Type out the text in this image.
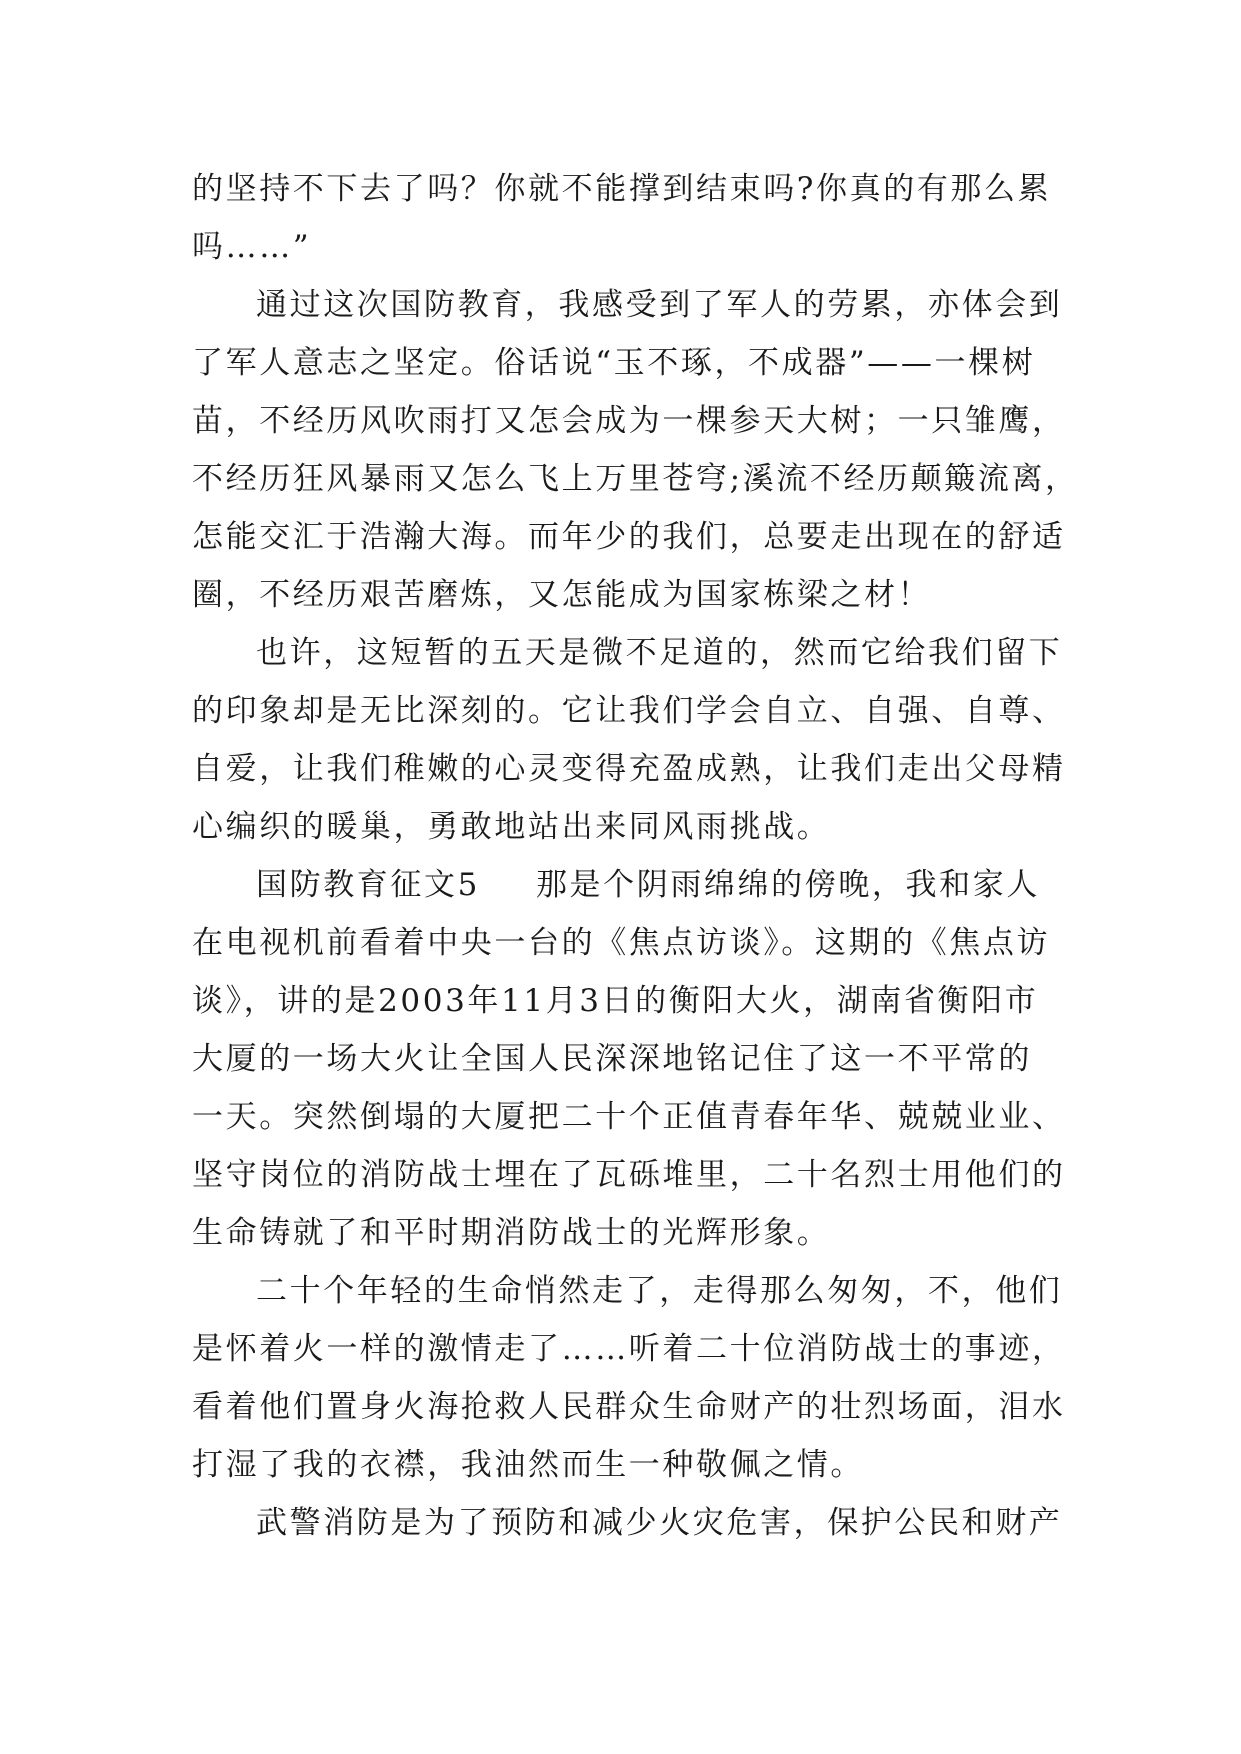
的坚持不下去了吗？你就不能撑到结束吗?你真的有那么累
吗……”
通过这次国防教育，我感受到了军人的劳累，亦体会到
了军人意志之坚定。俗话说“玉不琢，不成器”——一棵树
苗，不经历风吹雨打又怎会成为一棵参天大树；一只雏鹰，
不经历狂风暴雨又怎么飞上万里苍穹;溪流不经历颠簸流离，
怎能交汇于浩瀚大海。而年少的我们，总要走出现在的舒适
圈，不经历艰苦磨炼，又怎能成为国家栋梁之材！
也许，这短暂的五天是微不足道的，然而它给我们留下
的印象却是无比深刻的。它让我们学会自立、自强、自尊、
自爱，让我们稚嫩的心灵变得充盈成熟，让我们走出父母精
心编织的暖巢，勇敢地站出来同风雨挑战。
国防教育征文5 那是个阴雨绵绵的傍晚，我和家人
在电视机前看着中央一台的《焦点访谈》。这期的《焦点访
谈》，讲的是2003年11月3日的衡阳大火，湖南省衡阳市
大厦的一场大火让全国人民深深地铭记住了这一不平常的
一天。突然倒塌的大厦把二十个正值青春年华、兢兢业业、
坚守岗位的消防战士埋在了瓦砾堆里，二十名烈士用他们的
生命铸就了和平时期消防战士的光辉形象。
二十个年轻的生命悄然走了，走得那么匆匆，不，他们
是怀着火一样的激情走了……听着二十位消防战士的事迹，
看着他们置身火海抢救人民群众生命财产的壮烈场面，泪水
打湿了我的衣襟，我油然而生一种敬佩之情。
武警消防是为了预防和减少火灾危害，保护公民和财产
